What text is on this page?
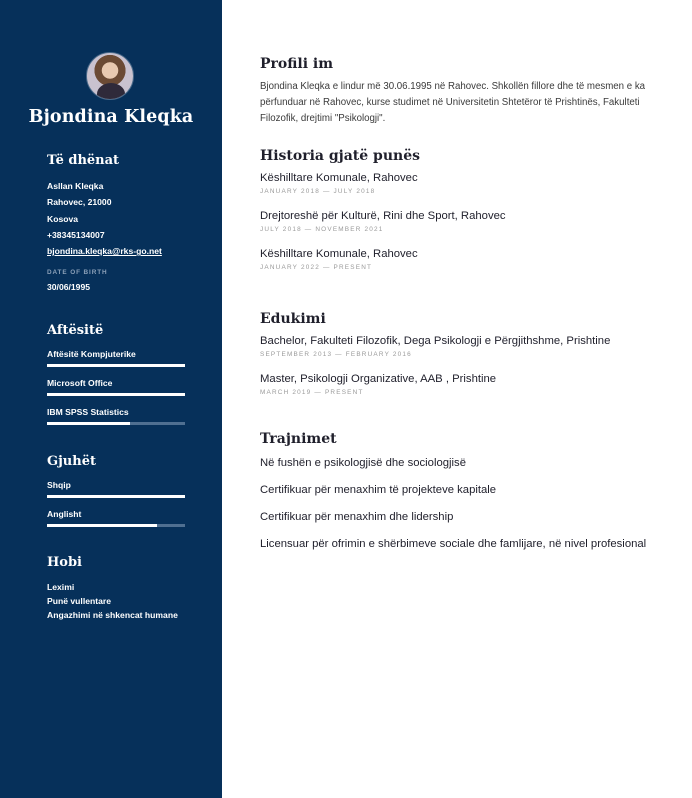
Bjondina Kleqka
Të dhënat
Asllan Kleqka
Rahovec, 21000
Kosova
+38345134007
bjondina.kleqka@rks-go.net
DATE OF BIRTH
30/06/1995
Aftësitë
Aftësitë Kompjuterike
Microsoft Office
IBM SPSS Statistics
Gjuhët
Shqip
Anglisht
Hobi
Leximi
Punë vullentare
Angazhimi në shkencat humane
Profili im

Bjondina Kleqka e lindur më 30.06.1995 në Rahovec. Shkollën fillore dhe të mesmen e ka përfunduar në Rahovec, kurse studimet në Universitetin Shtetëror të Prishtinës, Fakulteti Filozofik, drejtimi "Psikologji".

Historia gjatë punës
Këshilltare Komunale, Rahovec
JANUARY 2018 — JULY 2018
Drejtoreshë për Kulturë, Rini dhe Sport, Rahovec
JULY 2018 — NOVEMBER 2021
Këshilltare Komunale, Rahovec
JANUARY 2022 — PRESENT
Edukimi
Bachelor, Fakulteti Filozofik, Dega Psikologji e Përgjithshme, Prishtine
SEPTEMBER 2013 — FEBRUARY 2016
Master, Psikologji Organizative, AAB , Prishtine
MARCH 2019 — PRESENT
Trajnimet
Në fushën e psikologjisë dhe sociologjisë
Certifikuar për menaxhim të projekteve kapitale
Certifikuar për menaxhim dhe lidership
Licensuar për ofrimin e shërbimeve sociale dhe famlijare, në nivel profesional
